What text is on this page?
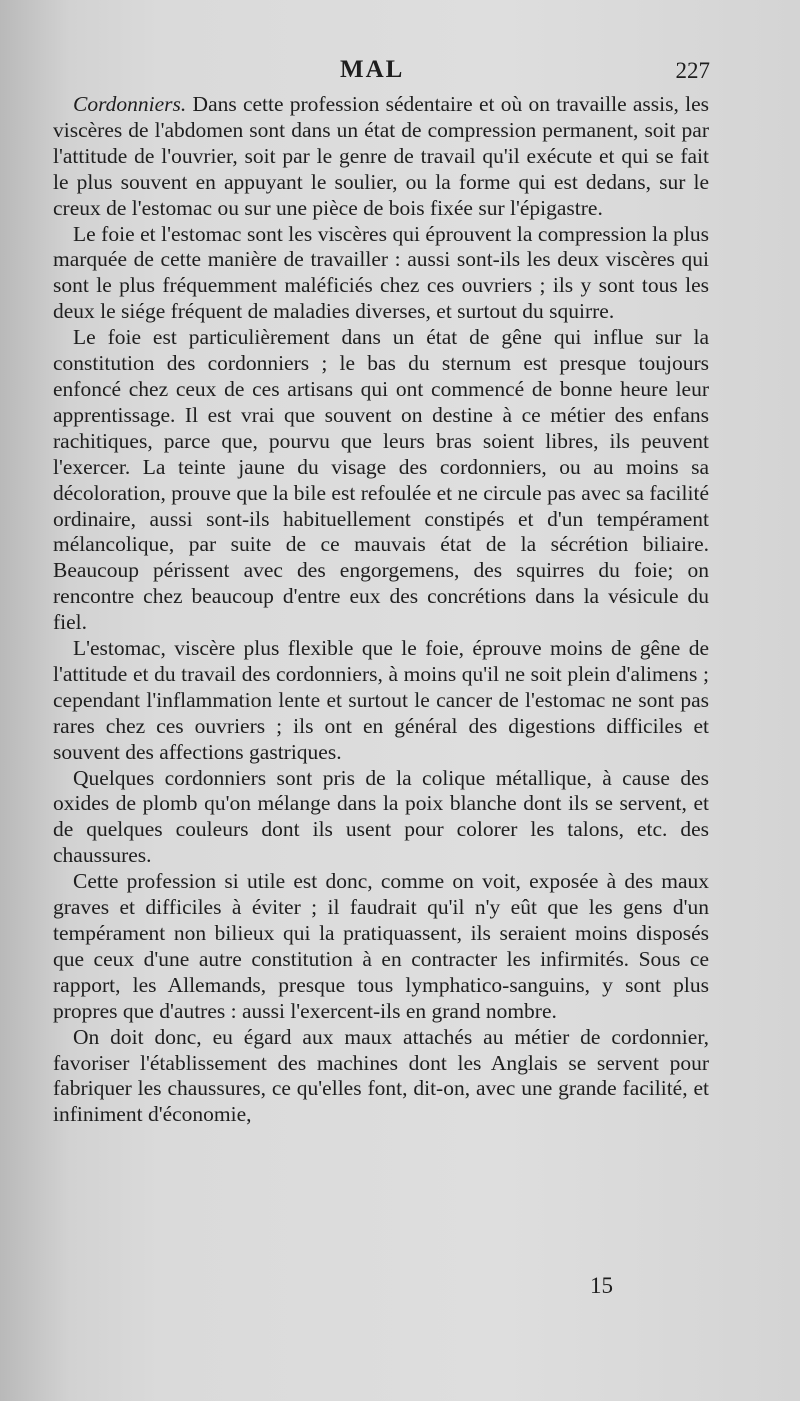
MAL	227

Cordonniers. Dans cette profession sédentaire et où on travaille assis, les viscères de l'abdomen sont dans un état de compression permanent, soit par l'attitude de l'ouvrier, soit par le genre de travail qu'il exécute et qui se fait le plus souvent en appuyant le soulier, ou la forme qui est dedans, sur le creux de l'estomac ou sur une pièce de bois fixée sur l'épigastre.

Le foie et l'estomac sont les viscères qui éprouvent la compression la plus marquée de cette manière de travailler : aussi sont-ils les deux viscères qui sont le plus fréquemment maléficiés chez ces ouvriers ; ils y sont tous les deux le siége fréquent de maladies diverses, et surtout du squirre.

Le foie est particulièrement dans un état de gêne qui influe sur la constitution des cordonniers ; le bas du sternum est presque toujours enfoncé chez ceux de ces artisans qui ont commencé de bonne heure leur apprentissage. Il est vrai que souvent on destine à ce métier des enfans rachitiques, parce que, pourvu que leurs bras soient libres, ils peuvent l'exercer. La teinte jaune du visage des cordonniers, ou au moins sa décoloration, prouve que la bile est refoulée et ne circule pas avec sa facilité ordinaire, aussi sont-ils habituellement constipés et d'un tempérament mélancolique, par suite de ce mauvais état de la sécrétion biliaire. Beaucoup périssent avec des engorgemens, des squirres du foie; on rencontre chez beaucoup d'entre eux des concrétions dans la vésicule du fiel.

L'estomac, viscère plus flexible que le foie, éprouve moins de gêne de l'attitude et du travail des cordonniers, à moins qu'il ne soit plein d'alimens ; cependant l'inflammation lente et surtout le cancer de l'estomac ne sont pas rares chez ces ouvriers ; ils ont en général des digestions difficiles et souvent des affections gastriques.

Quelques cordonniers sont pris de la colique métallique, à cause des oxides de plomb qu'on mélange dans la poix blanche dont ils se servent, et de quelques couleurs dont ils usent pour colorer les talons, etc. des chaussures.

Cette profession si utile est donc, comme on voit, exposée à des maux graves et difficiles à éviter ; il faudrait qu'il n'y eût que les gens d'un tempérament non bilieux qui la pratiquassent, ils seraient moins disposés que ceux d'une autre constitution à en contracter les infirmités. Sous ce rapport, les Allemands, presque tous lymphatico-sanguins, y sont plus propres que d'autres : aussi l'exercent-ils en grand nombre.

On doit donc, eu égard aux maux attachés au métier de cordonnier, favoriser l'établissement des machines dont les Anglais se servent pour fabriquer les chaussures, ce qu'elles font, dit-on, avec une grande facilité, et infiniment d'économie,

15
